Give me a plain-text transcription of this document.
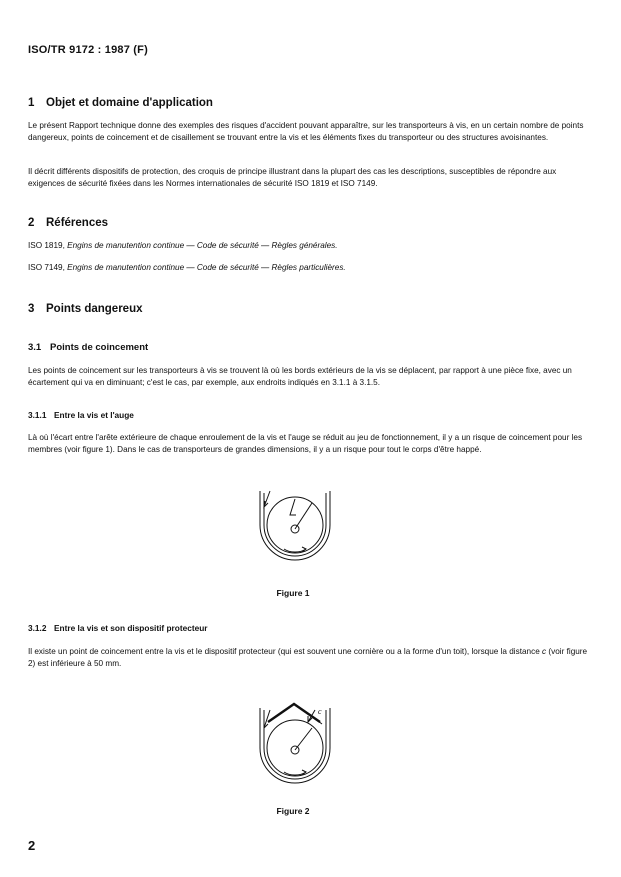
ISO/TR 9172 : 1987 (F)
1 Objet et domaine d'application
Le présent Rapport technique donne des exemples des risques d'accident pouvant apparaître, sur les transporteurs à vis, en un certain nombre de points dangereux, points de coincement et de cisaillement se trouvant entre la vis et les éléments fixes du transporteur ou des structures avoisinantes.
Il décrit différents dispositifs de protection, des croquis de principe illustrant dans la plupart des cas les descriptions, susceptibles de répondre aux exigences de sécurité fixées dans les Normes internationales de sécurité ISO 1819 et ISO 7149.
2 Références
ISO 1819, Engins de manutention continue — Code de sécurité — Règles générales.
ISO 7149, Engins de manutention continue — Code de sécurité — Règles particulières.
3 Points dangereux
3.1 Points de coincement
Les points de coincement sur les transporteurs à vis se trouvent là où les bords extérieurs de la vis se déplacent, par rapport à une pièce fixe, avec un écartement qui va en diminuant; c'est le cas, par exemple, aux endroits indiqués en 3.1.1 à 3.1.5.
3.1.1 Entre la vis et l'auge
Là où l'écart entre l'arête extérieure de chaque enroulement de la vis et l'auge se réduit au jeu de fonctionnement, il y a un risque de coincement pour les membres (voir figure 1). Dans le cas de transporteurs de grandes dimensions, il y a un risque pour tout le corps d'être happé.
Figure 1
3.1.2 Entre la vis et son dispositif protecteur
Il existe un point de coincement entre la vis et le dispositif protecteur (qui est souvent une cornière ou a la forme d'un toit), lorsque la distance c (voir figure 2) est inférieure à 50 mm.
c
Figure 2
2
